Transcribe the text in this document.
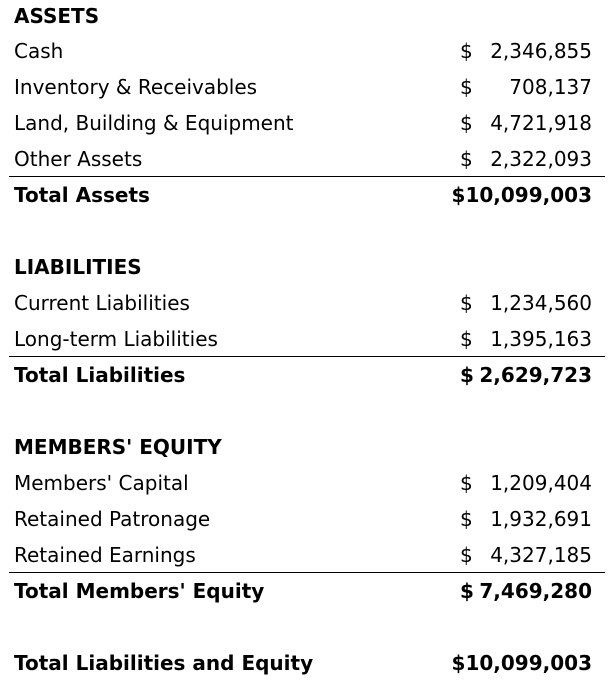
ASSETS
Cash	$ 2,346,855
Inventory & Receivables	$ 708,137
Land, Building & Equipment	$ 4,721,918
Other Assets	$ 2,322,093
Total Assets	$10,099,003
LIABILITIES
Current Liabilities	$ 1,234,560
Long-term Liabilities	$ 1,395,163
Total Liabilities	$ 2,629,723
MEMBERS' EQUITY
Members' Capital	$ 1,209,404
Retained Patronage	$ 1,932,691
Retained Earnings	$ 4,327,185
Total Members' Equity	$ 7,469,280
Total Liabilities and Equity	$10,099,003
